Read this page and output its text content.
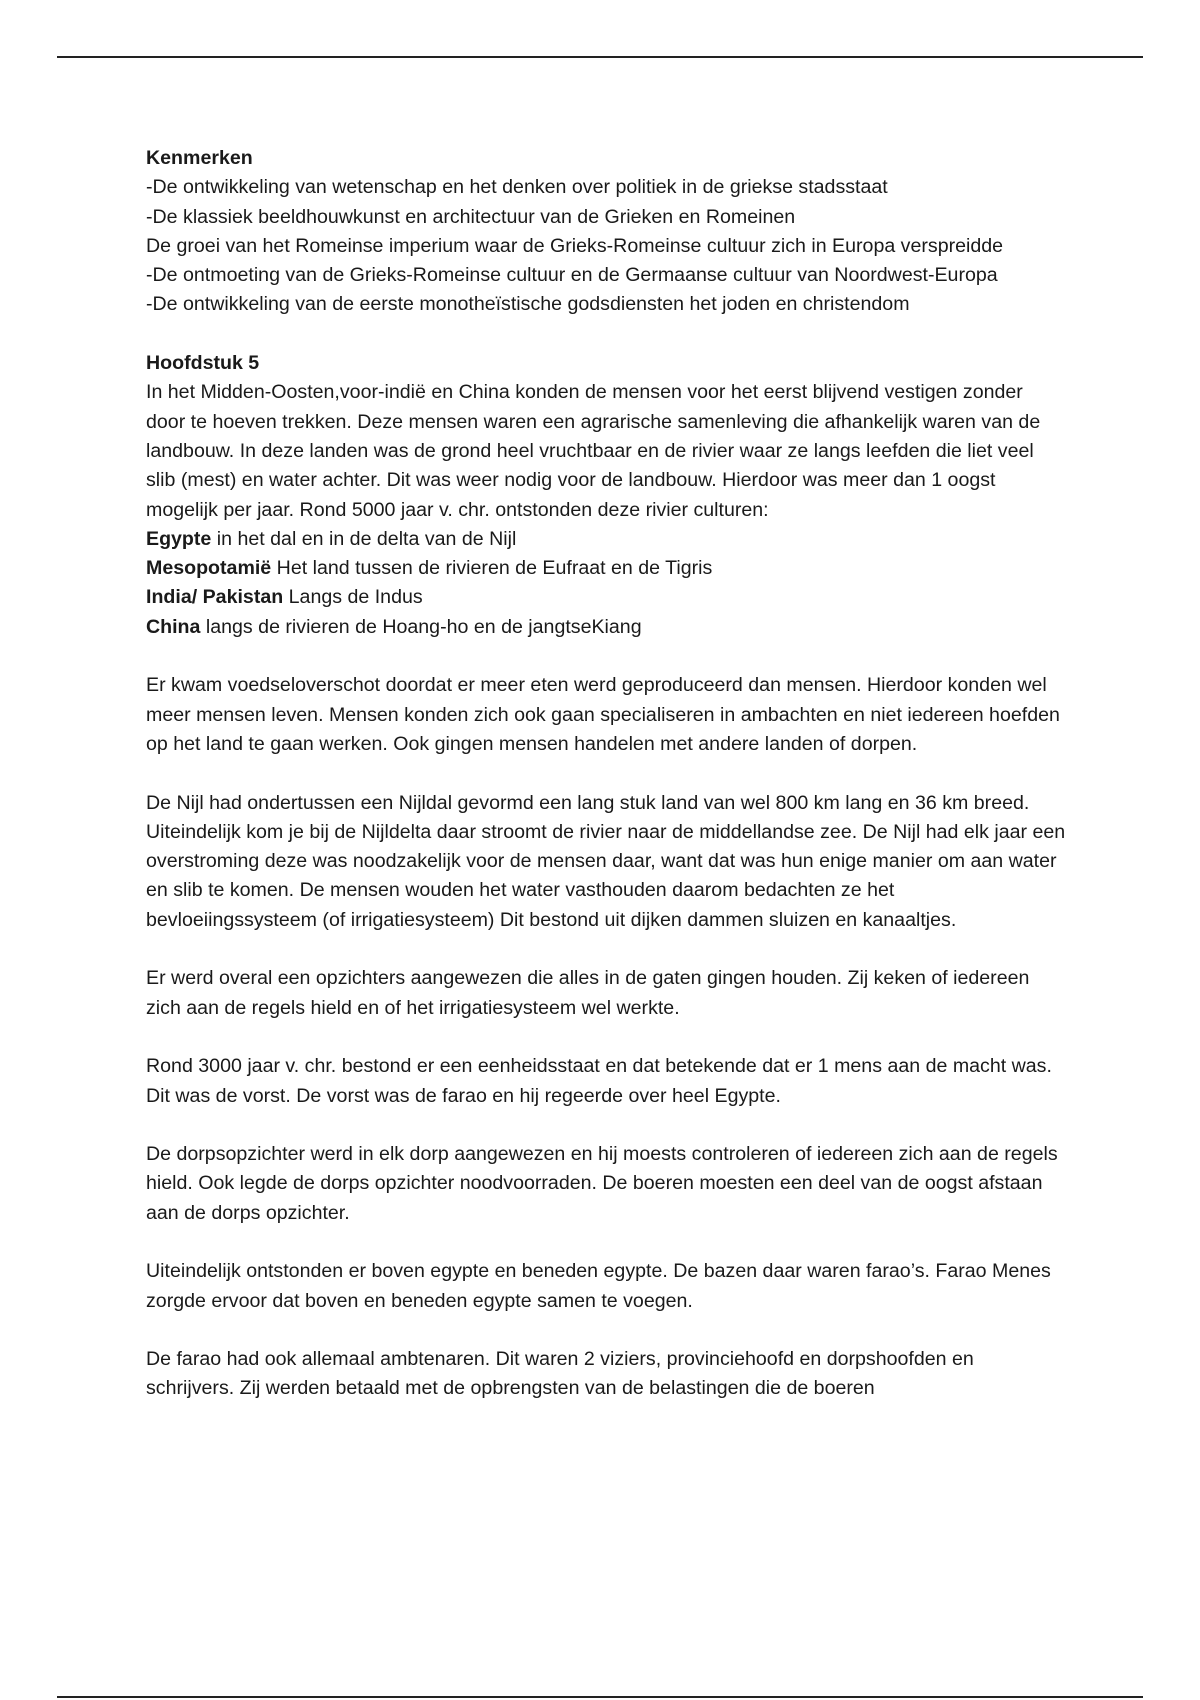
Kenmerken

-De ontwikkeling van wetenschap en het denken over politiek in de griekse stadsstaat

-De klassiek beeldhouwkunst en architectuur van de Grieken en Romeinen

De groei van het Romeinse imperium waar de Grieks-Romeinse cultuur zich in Europa verspreidde

-De ontmoeting van de Grieks-Romeinse cultuur en de Germaanse cultuur van Noordwest-Europa

-De ontwikkeling van de eerste monotheïstische godsdiensten het joden en christendom

Hoofdstuk 5

In het Midden-Oosten,voor-indië en China konden de mensen voor het eerst blijvend vestigen zonder door te hoeven trekken. Deze mensen waren een agrarische samenleving die afhankelijk waren van de landbouw. In deze landen was de grond heel vruchtbaar en de rivier waar ze langs leefden die liet veel slib (mest) en water achter. Dit was weer nodig voor de landbouw. Hierdoor was meer dan 1 oogst mogelijk per jaar. Rond 5000 jaar v. chr. ontstonden deze rivier culturen:

Egypte in het dal en in de delta van de Nijl

Mesopotamië Het land tussen de rivieren de Eufraat en de Tigris

India/ Pakistan Langs de Indus

China langs de rivieren de Hoang-ho en de jangtseKiang

Er kwam voedseloverschot doordat er meer eten werd geproduceerd dan mensen. Hierdoor konden wel meer mensen leven. Mensen konden zich ook gaan specialiseren in ambachten en niet iedereen hoefden op het land te gaan werken. Ook gingen mensen handelen met andere landen of dorpen.

De Nijl had ondertussen een Nijldal gevormd een lang stuk land van wel 800 km lang en 36 km breed. Uiteindelijk kom je bij de Nijldelta daar stroomt de rivier naar de middellandse zee. De Nijl had elk jaar een overstroming deze was noodzakelijk voor de mensen daar, want dat was hun enige manier om aan water en slib te komen. De mensen wouden het water vasthouden daarom bedachten ze het bevloeiingssysteem (of irrigatiesysteem) Dit bestond uit dijken dammen sluizen en kanaaltjes.

Er werd overal een opzichters aangewezen die alles in de gaten gingen houden. Zij keken of iedereen zich aan de regels hield en of het irrigatiesysteem wel werkte.

Rond 3000 jaar v. chr. bestond er een eenheidsstaat en dat betekende dat er 1 mens aan de macht was. Dit was de vorst. De vorst was de farao en hij regeerde over heel Egypte.

De dorpsopzichter werd in elk dorp aangewezen en hij moests controleren of iedereen zich aan de regels hield. Ook legde de dorps opzichter noodvoorraden. De boeren moesten een deel van de oogst afstaan aan de dorps opzichter.

Uiteindelijk ontstonden er boven egypte en beneden egypte. De bazen daar waren farao’s. Farao Menes zorgde ervoor dat boven en beneden egypte samen te voegen.

De farao had ook allemaal ambtenaren. Dit waren 2 viziers, provinciehoofd en dorpshoofden en schrijvers. Zij werden betaald met de opbrengsten van de belastingen die de boeren
